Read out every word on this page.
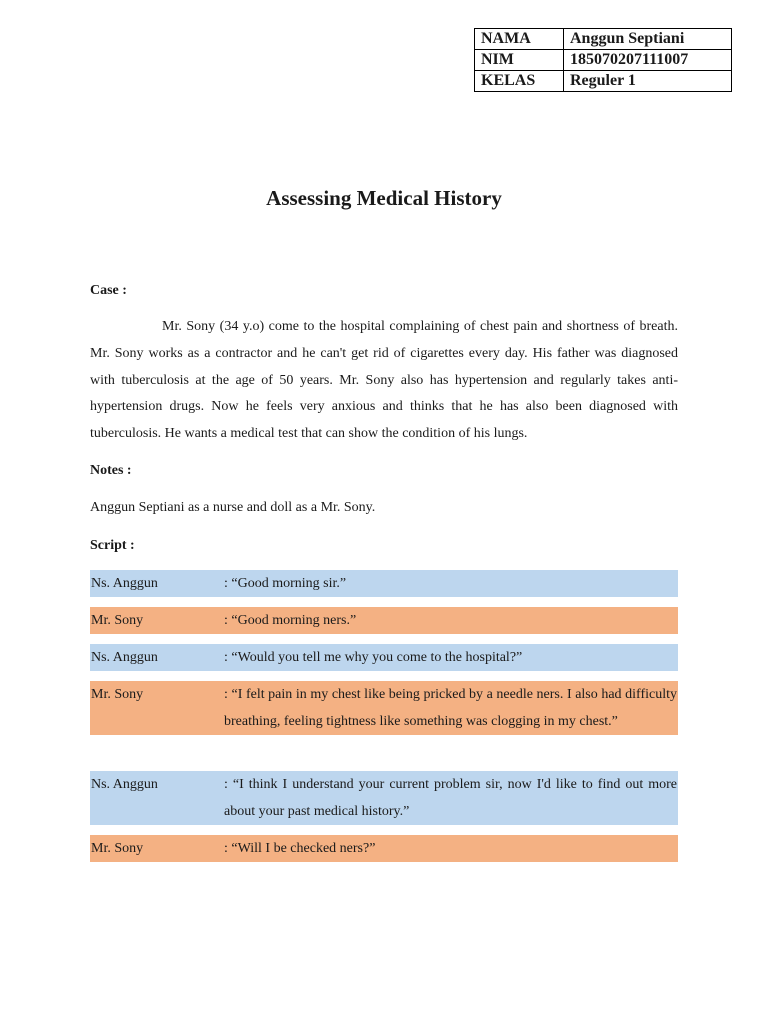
NAMA	Anggun Septiani
NIM	185070207111007
KELAS	Reguler 1
Assessing Medical History
Case :
Mr. Sony (34 y.o) come to the hospital complaining of chest pain and shortness of breath. Mr. Sony works as a contractor and he can't get rid of cigarettes every day. His father was diagnosed with tuberculosis at the age of 50 years. Mr. Sony also has hypertension and regularly takes anti-hypertension drugs. Now he feels very anxious and thinks that he has also been diagnosed with tuberculosis. He wants a medical test that can show the condition of his lungs.
Notes :
Anggun Septiani as a nurse and doll as a Mr. Sony.
Script :
Ns. Anggun	: “Good morning sir.”
Mr. Sony	: “Good morning ners.”
Ns. Anggun	: “Would you tell me why you come to the hospital?”
Mr. Sony	: “I felt pain in my chest like being pricked by a needle ners. I also had difficulty breathing, feeling tightness like something was clogging in my chest.”
Ns. Anggun	: “I think I understand your current problem sir, now I'd like to find out more about your past medical history.”
Mr. Sony	: “Will I be checked ners?”
